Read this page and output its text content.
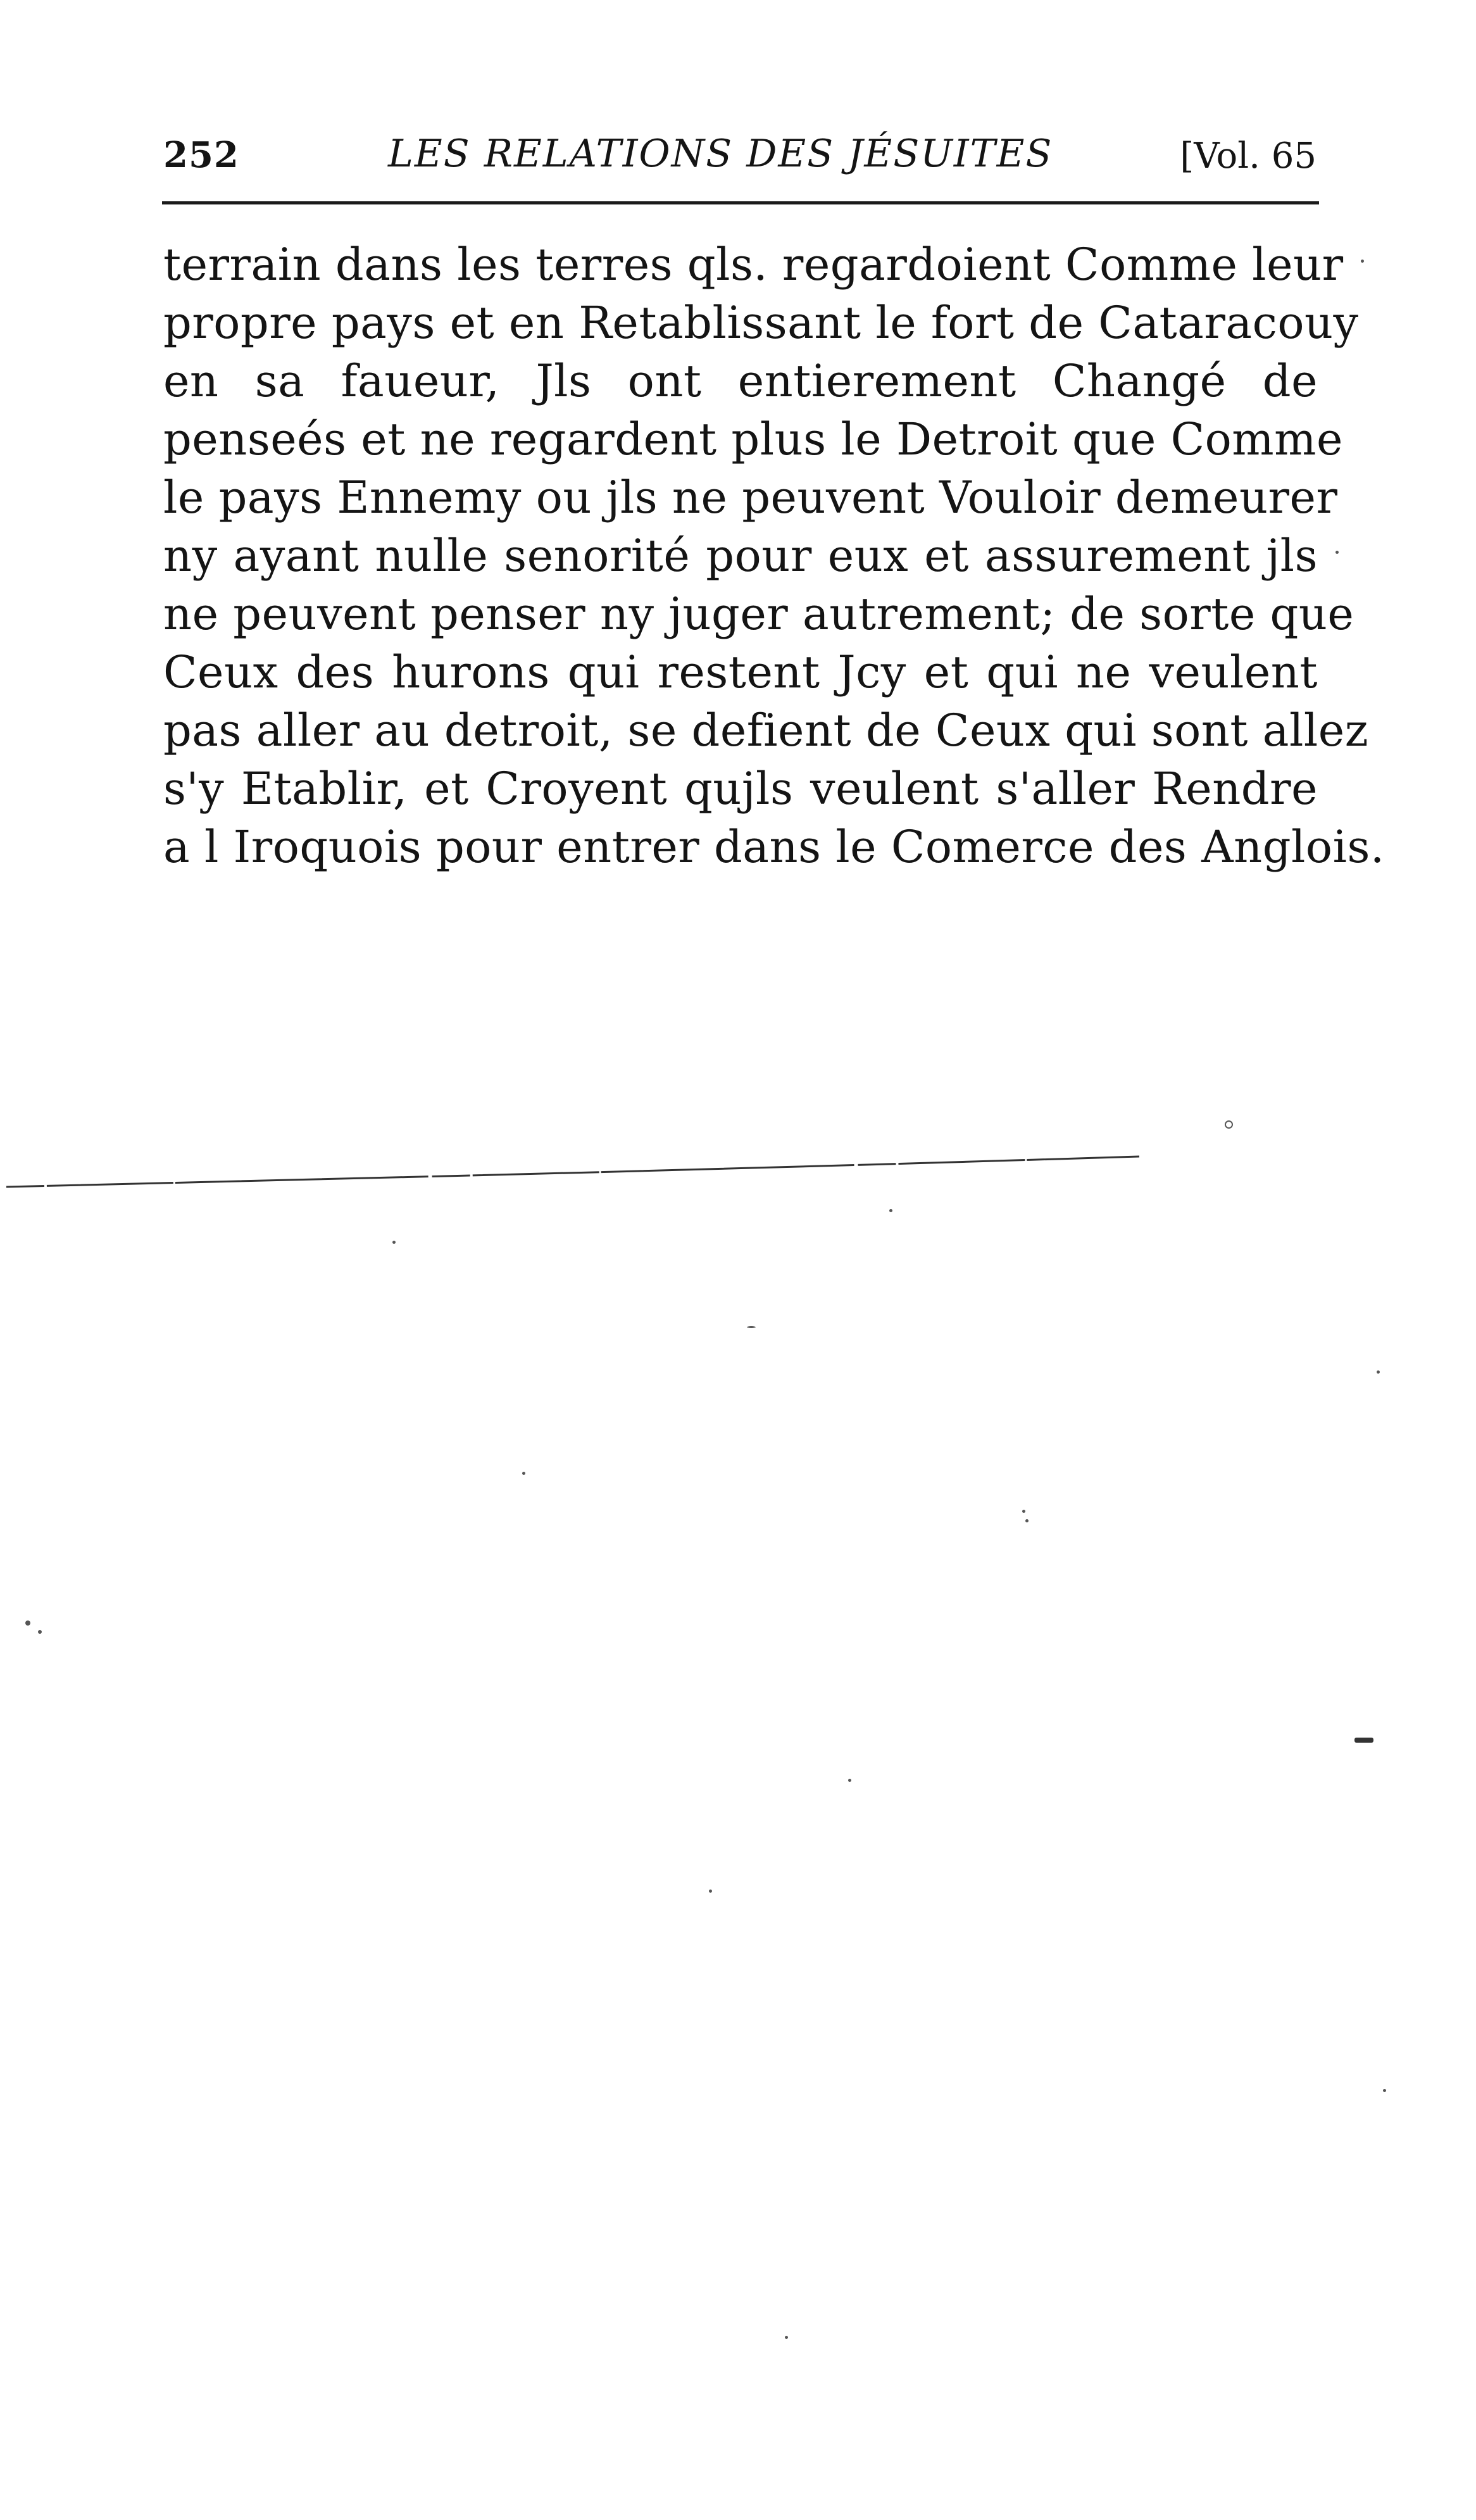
252	LES RELATIONS DES JÉSUITES	[Vol. 65
terrain dans les terres qls. regardoient Comme leur
propre pays et en Retablissant le fort de Cataracouy
en sa faueur, Jls ont entierement Changé de
penseés et ne regardent plus le Detroit que Comme
le pays Ennemy ou jls ne peuvent Vouloir demeurer
ny ayant nulle senorité pour eux et assurement jls
ne peuvent penser ny juger autrement; de sorte que
Ceux des hurons qui restent Jcy et qui ne veulent
pas aller au detroit, se defient de Ceux qui sont allez
s'y Etablir, et Croyent qujls veulent s'aller Rendre
a l Iroquois pour entrer dans le Comerce des Anglois.
